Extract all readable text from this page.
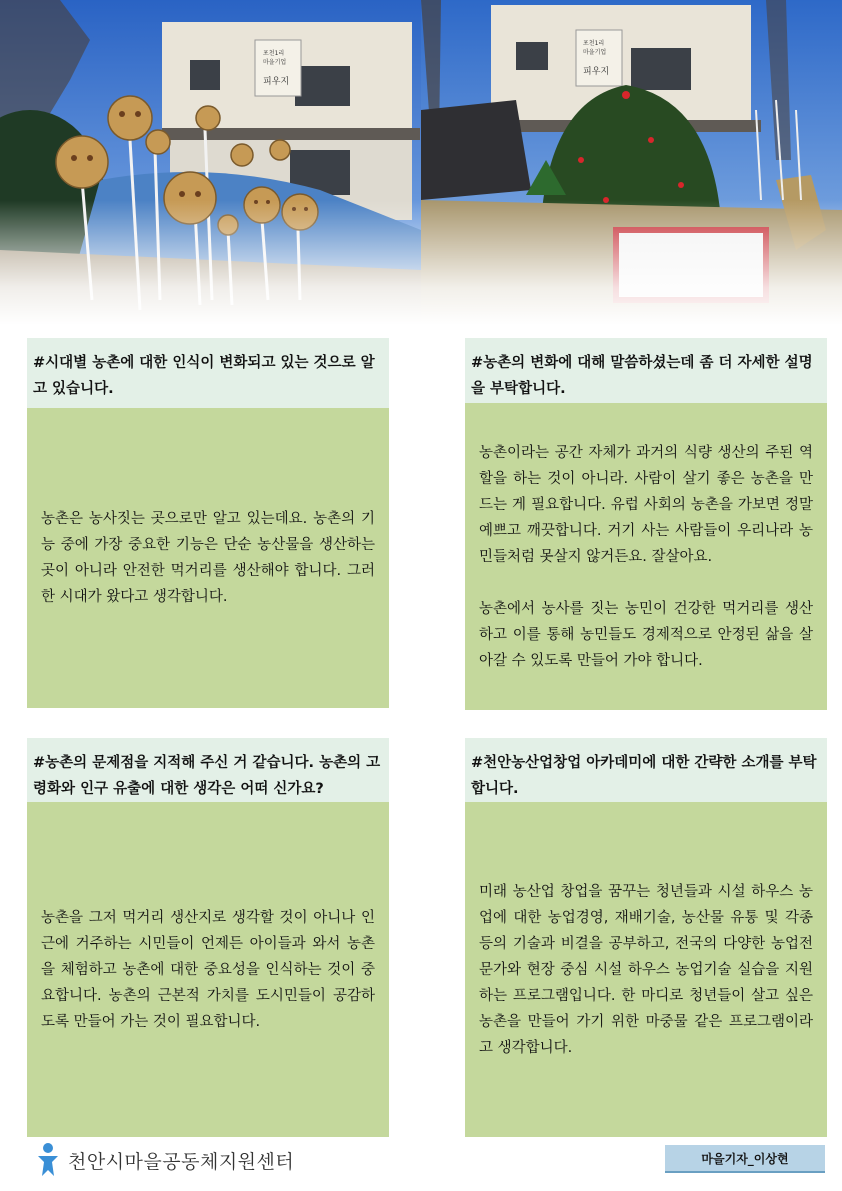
포천1리
마을기업
피우지
포천1리
마을기업
피우지
#시대별 농촌에 대한 인식이 변화되고 있는 것으로 알고 있습니다.

농촌은 농사짓는 곳으로만 알고 있는데요. 농촌의 기능 중에 가장 중요한 기능은 단순 농산물을 생산하는 곳이 아니라 안전한 먹거리를 생산해야 합니다. 그러한 시대가 왔다고 생각합니다.

#농촌의 변화에 대해 말씀하셨는데 좀 더 자세한 설명을 부탁합니다.

농촌이라는 공간 자체가 과거의 식량 생산의 주된 역할을 하는 것이 아니라. 사람이 살기 좋은 농촌을 만드는 게 필요합니다. 유럽 사회의 농촌을 가보면 정말 예쁘고 깨끗합니다. 거기 사는 사람들이 우리나라 농민들처럼 못살지 않거든요. 잘살아요.

농촌에서 농사를 짓는 농민이 건강한 먹거리를 생산하고 이를 통해 농민들도 경제적으로 안정된 삶을 살아갈 수 있도록 만들어 가야 합니다.

#농촌의 문제점을 지적해 주신 거 같습니다. 농촌의 고령화와 인구 유출에 대한 생각은 어떠 신가요?

농촌을 그저 먹거리 생산지로 생각할 것이 아니나 인근에 거주하는 시민들이 언제든 아이들과 와서 농촌을 체험하고 농촌에 대한 중요성을 인식하는 것이 중요합니다. 농촌의 근본적 가치를 도시민들이 공감하도록 만들어 가는 것이 필요합니다.

#천안농산업창업 아카데미에 대한 간략한 소개를 부탁합니다.

미래 농산업 창업을 꿈꾸는 청년들과 시설 하우스 농업에 대한 농업경영, 재배기술, 농산물 유통 및 각종 등의 기술과 비결을 공부하고, 전국의 다양한 농업전문가와 현장 중심 시설 하우스 농업기술 실습을 지원하는 프로그램입니다. 한 마디로 청년들이 살고 싶은 농촌을 만들어 가기 위한 마중물 같은 프로그램이라고 생각합니다.

천안시마을공동체지원센터	마을기자_이상현
